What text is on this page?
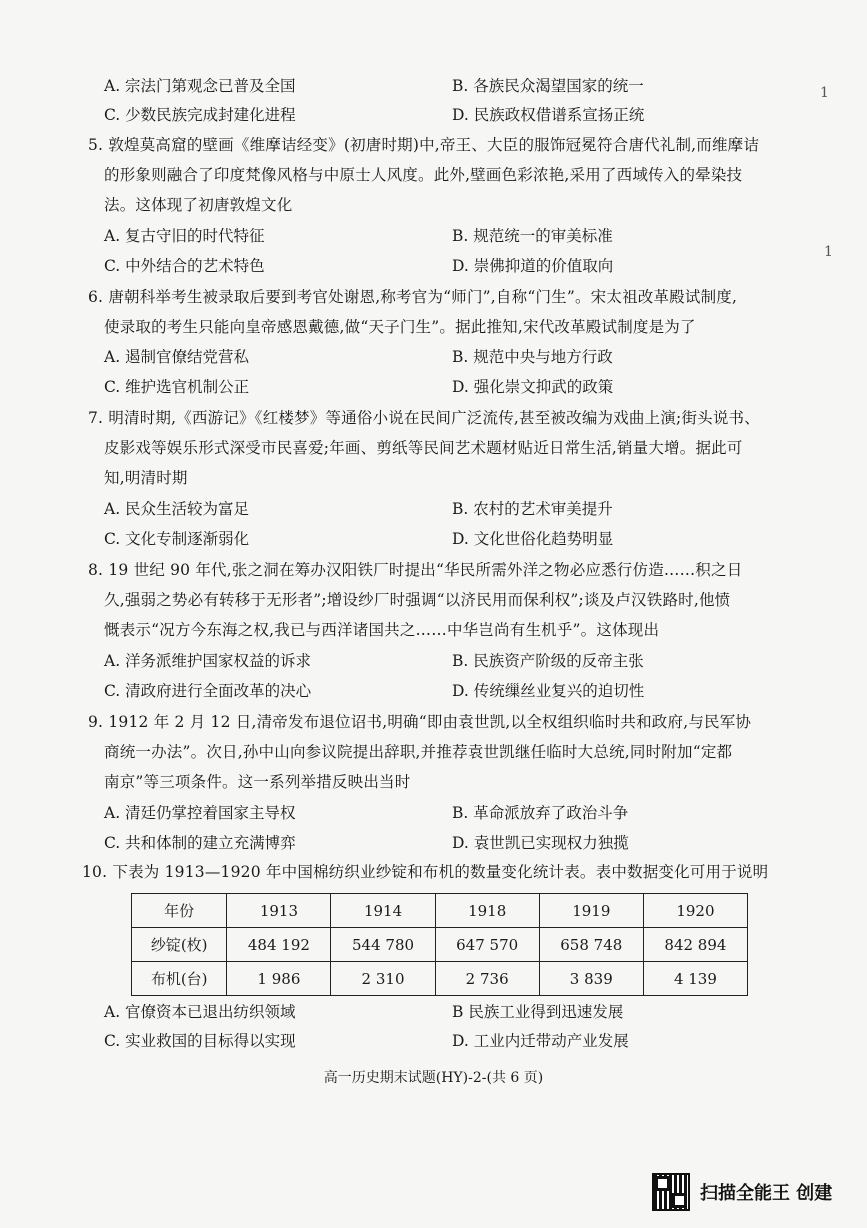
A. 宗法门第观念已普及全国	B. 各族民众渴望国家的统一
C. 少数民族完成封建化进程	D. 民族政权借谱系宣扬正统
1
1
5. 敦煌莫高窟的壁画《维摩诘经变》(初唐时期)中,帝王、大臣的服饰冠冕符合唐代礼制,而维摩诘
的形象则融合了印度梵像风格与中原士人风度。此外,壁画色彩浓艳,采用了西域传入的晕染技
法。这体现了初唐敦煌文化
A. 复古守旧的时代特征	B. 规范统一的审美标准
C. 中外结合的艺术特色	D. 崇佛抑道的价值取向
6. 唐朝科举考生被录取后要到考官处谢恩,称考官为“师门”,自称“门生”。宋太祖改革殿试制度,
使录取的考生只能向皇帝感恩戴德,做“天子门生”。据此推知,宋代改革殿试制度是为了
A. 遏制官僚结党营私	B. 规范中央与地方行政
C. 维护选官机制公正	D. 强化崇文抑武的政策
7. 明清时期,《西游记》《红楼梦》等通俗小说在民间广泛流传,甚至被改编为戏曲上演;街头说书、
皮影戏等娱乐形式深受市民喜爱;年画、剪纸等民间艺术题材贴近日常生活,销量大增。据此可
知,明清时期
A. 民众生活较为富足	B. 农村的艺术审美提升
C. 文化专制逐渐弱化	D. 文化世俗化趋势明显
8. 19 世纪 90 年代,张之洞在筹办汉阳铁厂时提出“华民所需外洋之物必应悉行仿造……积之日
久,强弱之势必有转移于无形者”;增设纱厂时强调“以济民用而保利权”;谈及卢汉铁路时,他愤
慨表示“况方今东海之权,我已与西洋诸国共之……中华岂尚有生机乎”。这体现出
A. 洋务派维护国家权益的诉求	B. 民族资产阶级的反帝主张
C. 清政府进行全面改革的决心	D. 传统缫丝业复兴的迫切性
9. 1912 年 2 月 12 日,清帝发布退位诏书,明确“即由袁世凯,以全权组织临时共和政府,与民军协
商统一办法”。次日,孙中山向参议院提出辞职,并推荐袁世凯继任临时大总统,同时附加“定都
南京”等三项条件。这一系列举措反映出当时
A. 清廷仍掌控着国家主导权	B. 革命派放弃了政治斗争
C. 共和体制的建立充满博弈	D. 袁世凯已实现权力独揽
10. 下表为 1913—1920 年中国棉纺织业纱锭和布机的数量变化统计表。表中数据变化可用于说明
年份	1913	1914	1918	1919	1920
纱锭(枚)	484 192	544 780	647 570	658 748	842 894
布机(台)	1 986	2 310	2 736	3 839	4 139
A. 官僚资本已退出纺织领域	B 民族工业得到迅速发展
C. 实业救国的目标得以实现	D. 工业内迁带动产业发展
高一历史期末试题(HY)-2-(共 6 页)
扫描全能王 创建
